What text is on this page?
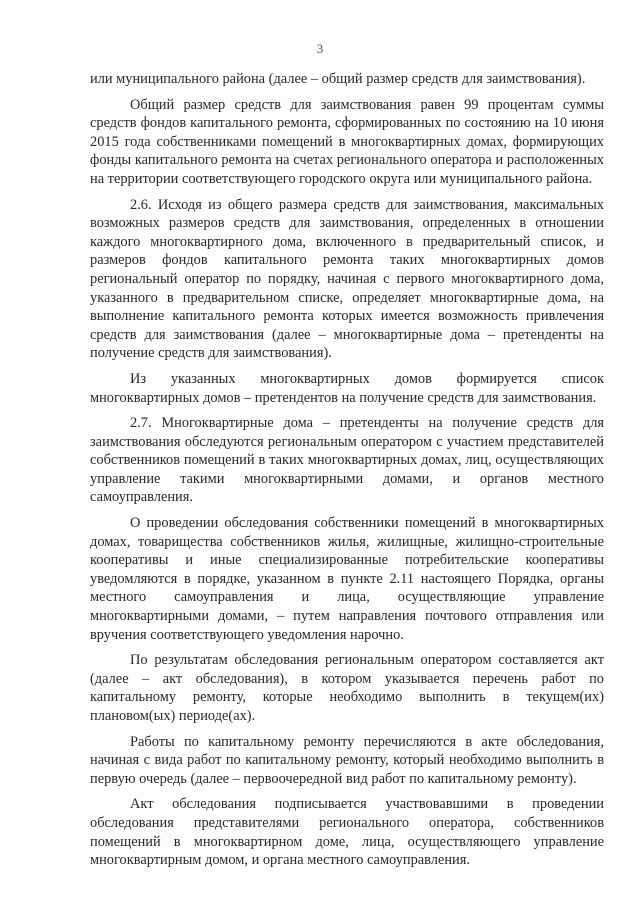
3

или муниципального района (далее – общий размер средств для заимствования).

Общий размер средств для заимствования равен 99 процентам суммы средств фондов капитального ремонта, сформированных по состоянию на 10 июня 2015 года собственниками помещений в многоквартирных домах, формирующих фонды капитального ремонта на счетах регионального оператора и расположенных на территории соответствующего городского округа или муниципального района.

2.6. Исходя из общего размера средств для заимствования, максимальных возможных размеров средств для заимствования, определенных в отношении каждого многоквартирного дома, включенного в предварительный список, и размеров фондов капитального ремонта таких многоквартирных домов региональный оператор по порядку, начиная с первого многоквартирного дома, указанного в предварительном списке, определяет многоквартирные дома, на выполнение капитального ремонта которых имеется возможность привлечения средств для заимствования (далее – многоквартирные дома – претенденты на получение средств для заимствования).

Из указанных многоквартирных домов формируется список многоквартирных домов – претендентов на получение средств для заимствования.

2.7. Многоквартирные дома – претенденты на получение средств для заимствования обследуются региональным оператором с участием представителей собственников помещений в таких многоквартирных домах, лиц, осуществляющих управление такими многоквартирными домами, и органов местного самоуправления.

О проведении обследования собственники помещений в многоквартирных домах, товарищества собственников жилья, жилищные, жилищно-строительные кооперативы и иные специализированные потребительские кооперативы уведомляются в порядке, указанном в пункте 2.11 настоящего Порядка, органы местного самоуправления и лица, осуществляющие управление многоквартирными домами, – путем направления почтового отправления или вручения соответствующего уведомления нарочно.

По результатам обследования региональным оператором составляется акт (далее – акт обследования), в котором указывается перечень работ по капитальному ремонту, которые необходимо выполнить в текущем(их) плановом(ых) периоде(ах).

Работы по капитальному ремонту перечисляются в акте обследования, начиная с вида работ по капитальному ремонту, который необходимо выполнить в первую очередь (далее – первоочередной вид работ по капитальному ремонту).

Акт обследования подписывается участвовавшими в проведении обследования представителями регионального оператора, собственников помещений в многоквартирном доме, лица, осуществляющего управление многоквартирным домом, и органа местного самоуправления.
